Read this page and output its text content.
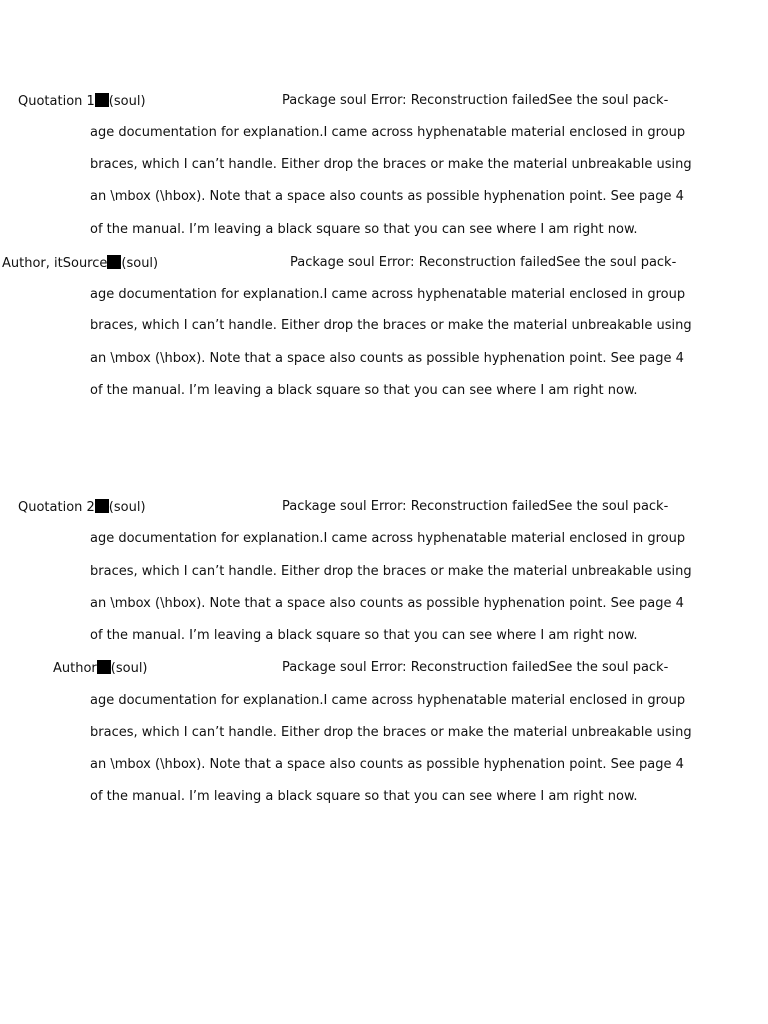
Quotation 1 (soul)	Package soul Error: Reconstruction failedSee the soul pack-
age documentation for explanation.I came across hyphenatable material enclosed in group
braces, which I can’t handle. Either drop the braces or make the material unbreakable using
an \mbox (\hbox). Note that a space also counts as possible hyphenation point. See page 4
of the manual. I’m leaving a black square so that you can see where I am right now.
Author, itSource (soul)	Package soul Error: Reconstruction failedSee the soul pack-
age documentation for explanation.I came across hyphenatable material enclosed in group
braces, which I can’t handle. Either drop the braces or make the material unbreakable using
an \mbox (\hbox). Note that a space also counts as possible hyphenation point. See page 4
of the manual. I’m leaving a black square so that you can see where I am right now.
Quotation 2 (soul)	Package soul Error: Reconstruction failedSee the soul pack-
age documentation for explanation.I came across hyphenatable material enclosed in group
braces, which I can’t handle. Either drop the braces or make the material unbreakable using
an \mbox (\hbox). Note that a space also counts as possible hyphenation point. See page 4
of the manual. I’m leaving a black square so that you can see where I am right now.
Author (soul)	Package soul Error: Reconstruction failedSee the soul pack-
age documentation for explanation.I came across hyphenatable material enclosed in group
braces, which I can’t handle. Either drop the braces or make the material unbreakable using
an \mbox (\hbox). Note that a space also counts as possible hyphenation point. See page 4
of the manual. I’m leaving a black square so that you can see where I am right now.
